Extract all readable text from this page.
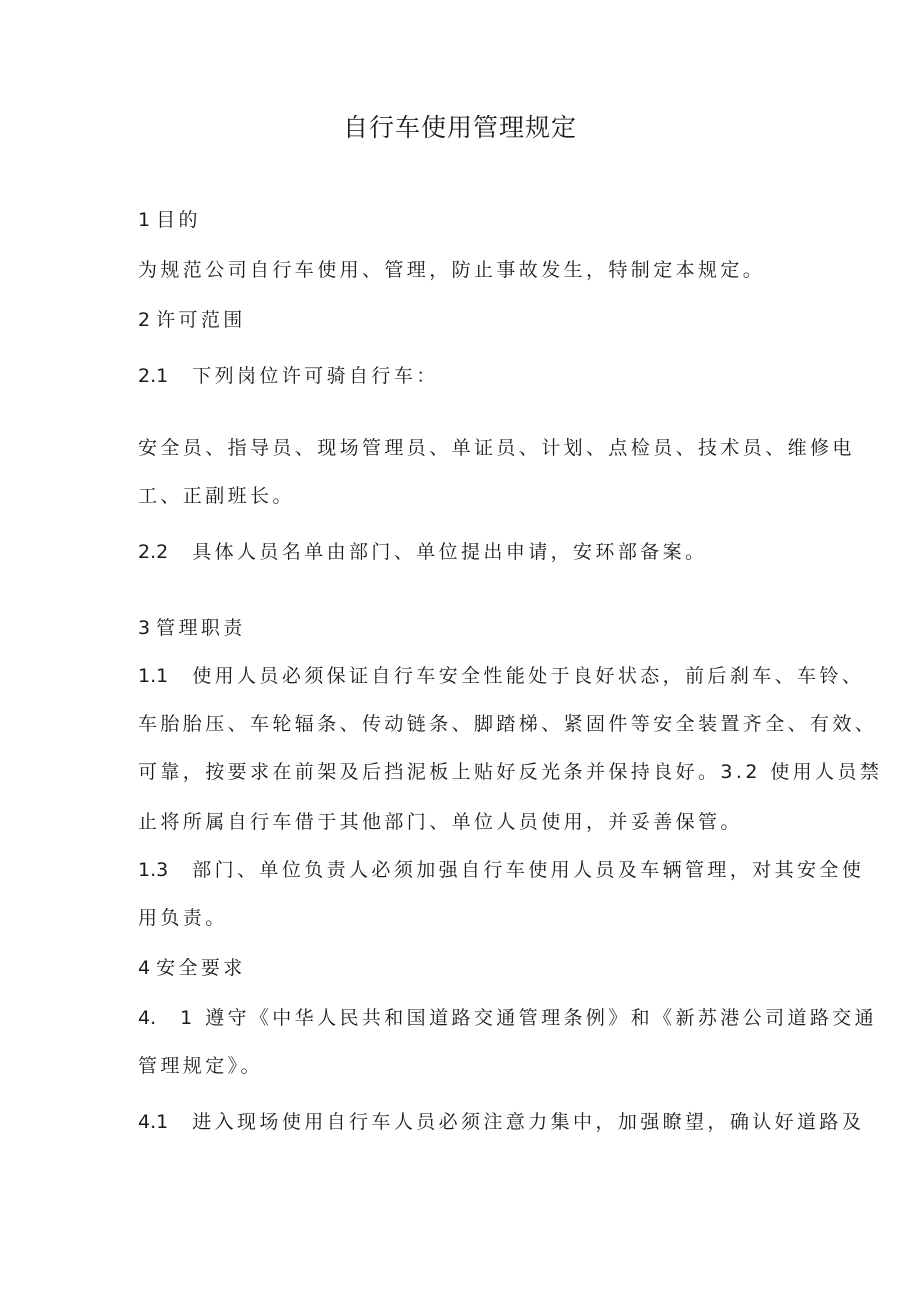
自行车使用管理规定
1 目的
为规范公司自行车使用、管理，防止事故发生，特制定本规定。
2 许可范围
2.1 下列岗位许可骑自行车：
安全员、指导员、现场管理员、单证员、计划、点检员、技术员、维修电
工、正副班长。
2.2 具体人员名单由部门、单位提出申请，安环部备案。
3 管理职责
1.1 使用人员必须保证自行车安全性能处于良好状态，前后刹车、车铃、
车胎胎压、车轮辐条、传动链条、脚踏梯、紧固件等安全装置齐全、有效、
可靠，按要求在前架及后挡泥板上贴好反光条并保持良好。3.2 使用人员禁
止将所属自行车借于其他部门、单位人员使用，并妥善保管。
1.3 部门、单位负责人必须加强自行车使用人员及车辆管理，对其安全使
用负责。
4 安全要求
4. 1 遵守《中华人民共和国道路交通管理条例》和《新苏港公司道路交通
管理规定》。
4.1 进入现场使用自行车人员必须注意力集中，加强瞭望，确认好道路及
